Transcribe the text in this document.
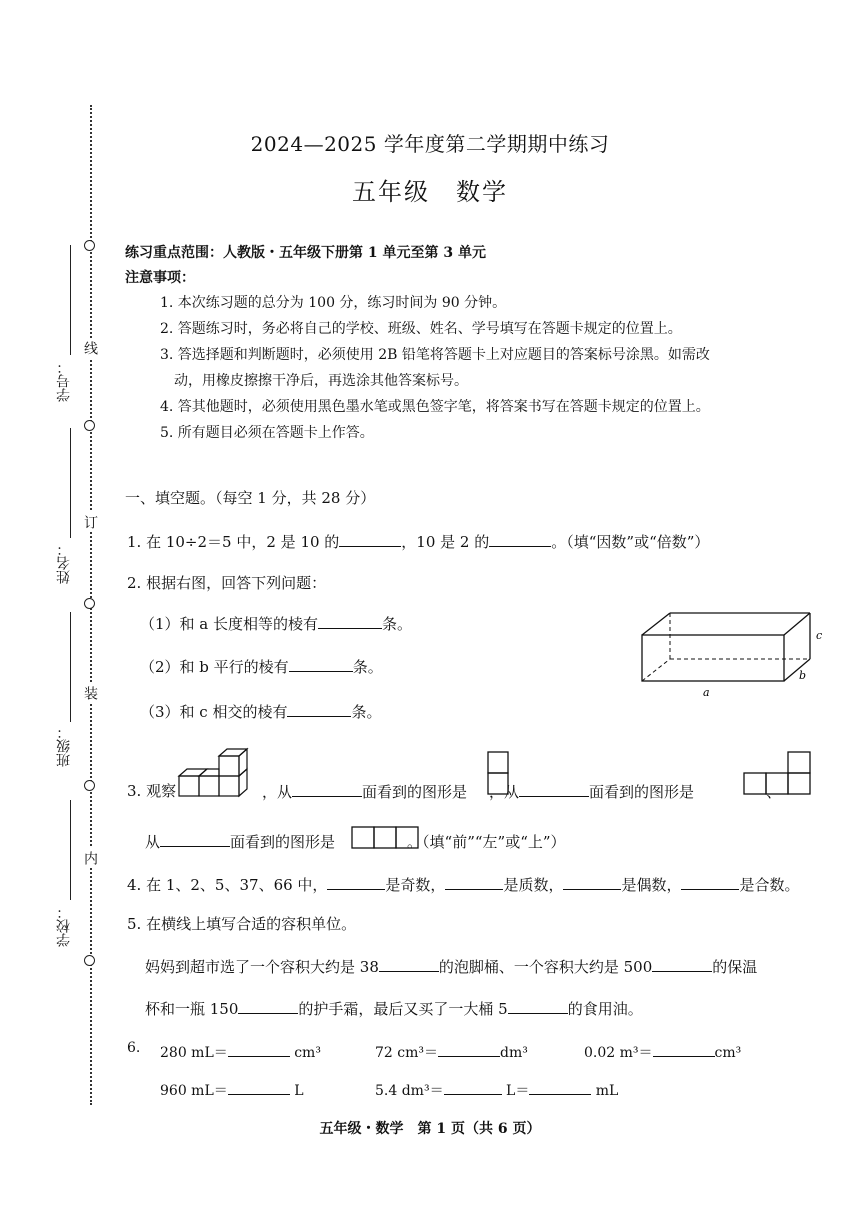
线
订
装
内
学号：
姓名：
班级：
学校：
2024—2025 学年度第二学期期中练习
五年级　数学
练习重点范围：人教版・五年级下册第 1 单元至第 3 单元
注意事项：
1. 本次练习题的总分为 100 分，练习时间为 90 分钟。
2. 答题练习时，务必将自己的学校、班级、姓名、学号填写在答题卡规定的位置上。
3. 答选择题和判断题时，必须使用 2B 铅笔将答题卡上对应题目的答案标号涂黑。如需改
动，用橡皮擦擦干净后，再选涂其他答案标号。
4. 答其他题时，必须使用黑色墨水笔或黑色签字笔，将答案书写在答题卡规定的位置上。
5. 所有题目必须在答题卡上作答。
一、填空题。（每空 1 分，共 28 分）
1. 在 10÷2＝5 中，2 是 10 的	，10 是 2 的	。（填“因数”或“倍数”）
2. 根据右图，回答下列问题：
（1）和 a 长度相等的棱有	条。
（2）和 b 平行的棱有	条。
（3）和 c 相交的棱有	条。
a
b
c
3. 观察	，从	面看到的图形是 ，从	面看到的图形是	、
从	面看到的图形是	。（填“前”“左”或“上”）
4. 在 1、2、5、37、66 中，	是奇数，	是质数，	是偶数，	是合数。
5. 在横线上填写合适的容积单位。
妈妈到超市选了一个容积大约是 38	的泡脚桶、一个容积大约是 500	的保温
杯和一瓶 150	的护手霜，最后又买了一大桶 5	的食用油。
6. 280 mL＝	cm³	72 cm³＝	dm³	0.02 m³＝	cm³
960 mL＝	L	5.4 dm³＝	L＝	mL
五年级・数学　第 1 页（共 6 页）
